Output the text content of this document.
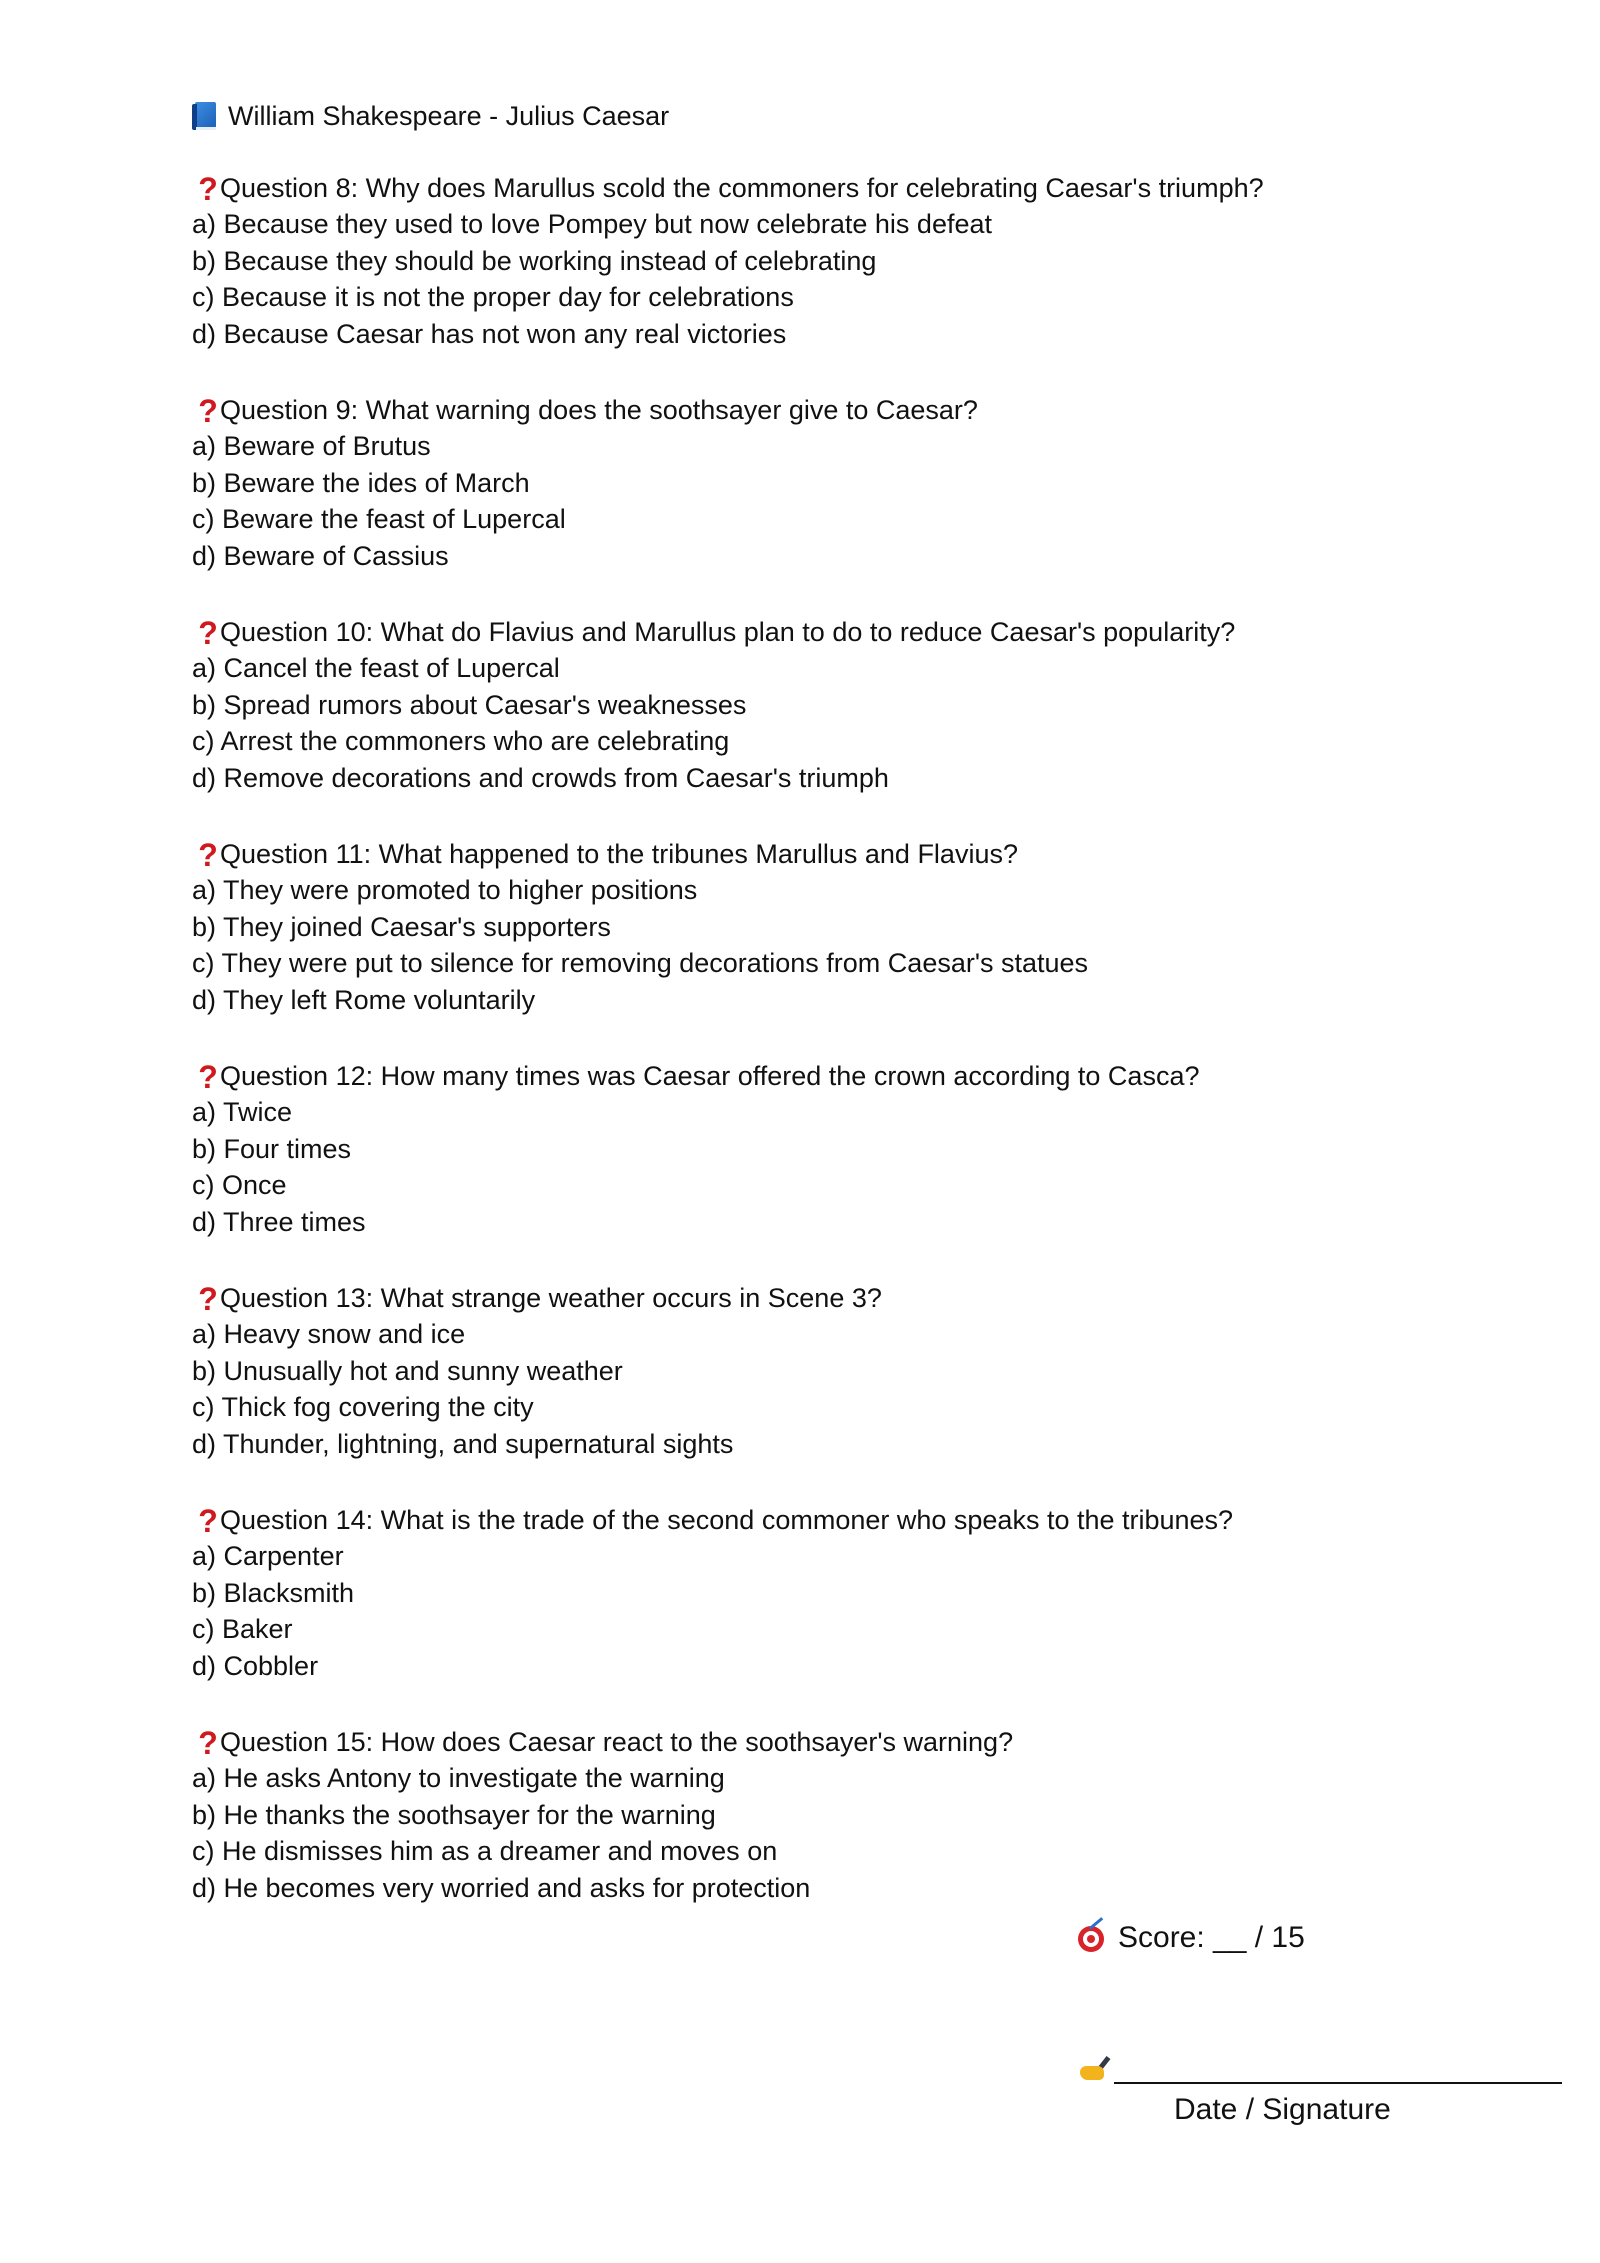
William Shakespeare - Julius Caesar
? Question 8: Why does Marullus scold the commoners for celebrating Caesar's triumph?
a) Because they used to love Pompey but now celebrate his defeat
b) Because they should be working instead of celebrating
c) Because it is not the proper day for celebrations
d) Because Caesar has not won any real victories
? Question 9: What warning does the soothsayer give to Caesar?
a) Beware of Brutus
b) Beware the ides of March
c) Beware the feast of Lupercal
d) Beware of Cassius
? Question 10: What do Flavius and Marullus plan to do to reduce Caesar's popularity?
a) Cancel the feast of Lupercal
b) Spread rumors about Caesar's weaknesses
c) Arrest the commoners who are celebrating
d) Remove decorations and crowds from Caesar's triumph
? Question 11: What happened to the tribunes Marullus and Flavius?
a) They were promoted to higher positions
b) They joined Caesar's supporters
c) They were put to silence for removing decorations from Caesar's statues
d) They left Rome voluntarily
? Question 12: How many times was Caesar offered the crown according to Casca?
a) Twice
b) Four times
c) Once
d) Three times
? Question 13: What strange weather occurs in Scene 3?
a) Heavy snow and ice
b) Unusually hot and sunny weather
c) Thick fog covering the city
d) Thunder, lightning, and supernatural sights
? Question 14: What is the trade of the second commoner who speaks to the tribunes?
a) Carpenter
b) Blacksmith
c) Baker
d) Cobbler
? Question 15: How does Caesar react to the soothsayer's warning?
a) He asks Antony to investigate the warning
b) He thanks the soothsayer for the warning
c) He dismisses him as a dreamer and moves on
d) He becomes very worried and asks for protection
Score: __ / 15
Date / Signature
